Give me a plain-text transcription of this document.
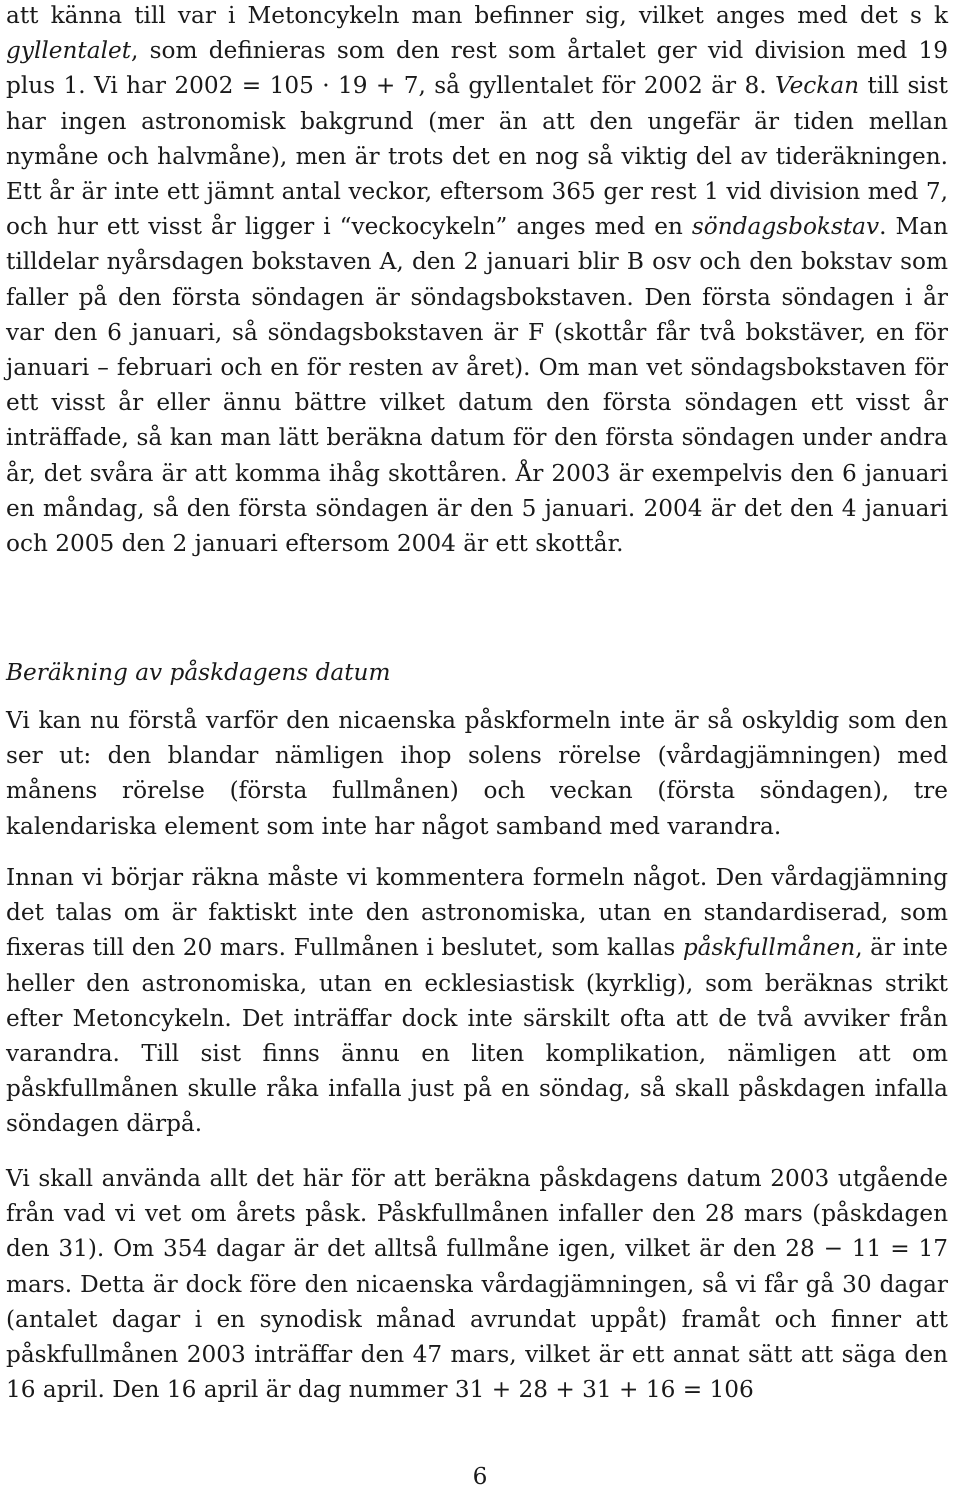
att känna till var i Metoncykeln man befinner sig, vilket anges med det s k gyllentalet, som definieras som den rest som årtalet ger vid division med 19 plus 1. Vi har 2002 = 105 · 19 + 7, så gyllentalet för 2002 är 8. Veckan till sist har ingen astronomisk bakgrund (mer än att den ungefär är tiden mellan nymåne och halvmåne), men är trots det en nog så viktig del av tideräkningen. Ett år är inte ett jämnt antal veckor, eftersom 365 ger rest 1 vid division med 7, och hur ett visst år ligger i “veckocykeln” anges med en söndagsbokstav. Man tilldelar nyårsdagen bokstaven A, den 2 januari blir B osv och den bokstav som faller på den första söndagen är söndagsbokstaven. Den första söndagen i år var den 6 januari, så söndagsbokstaven är F (skottår får två bokstäver, en för januari – februari och en för resten av året). Om man vet söndagsbokstaven för ett visst år eller ännu bättre vilket datum den första söndagen ett visst år inträffade, så kan man lätt beräkna datum för den första söndagen under andra år, det svåra är att komma ihåg skottåren. År 2003 är exempelvis den 6 januari en måndag, så den första söndagen är den 5 januari. 2004 är det den 4 januari och 2005 den 2 januari eftersom 2004 är ett skottår.

Beräkning av påskdagens datum

Vi kan nu förstå varför den nicaenska påskformeln inte är så oskyldig som den ser ut: den blandar nämligen ihop solens rörelse (vårdagjämningen) med månens rörelse (första fullmånen) och veckan (första söndagen), tre kalendariska element som inte har något samband med varandra.

Innan vi börjar räkna måste vi kommentera formeln något. Den vårdagjämning det talas om är faktiskt inte den astronomiska, utan en standardiserad, som fixeras till den 20 mars. Fullmånen i beslutet, som kallas påskfullmånen, är inte heller den astronomiska, utan en ecklesiastisk (kyrklig), som beräknas strikt efter Metoncykeln. Det inträffar dock inte särskilt ofta att de två avviker från varandra. Till sist finns ännu en liten komplikation, nämligen att om påskfullmånen skulle råka infalla just på en söndag, så skall påskdagen infalla söndagen därpå.

Vi skall använda allt det här för att beräkna påskdagens datum 2003 utgående från vad vi vet om årets påsk. Påskfullmånen infaller den 28 mars (påskdagen den 31). Om 354 dagar är det alltså fullmåne igen, vilket är den 28 − 11 = 17 mars. Detta är dock före den nicaenska vårdagjämningen, så vi får gå 30 dagar (antalet dagar i en synodisk månad avrundat uppåt) framåt och finner att påskfullmånen 2003 inträffar den 47 mars, vilket är ett annat sätt att säga den 16 april. Den 16 april är dag nummer 31 + 28 + 31 + 16 = 106

6
